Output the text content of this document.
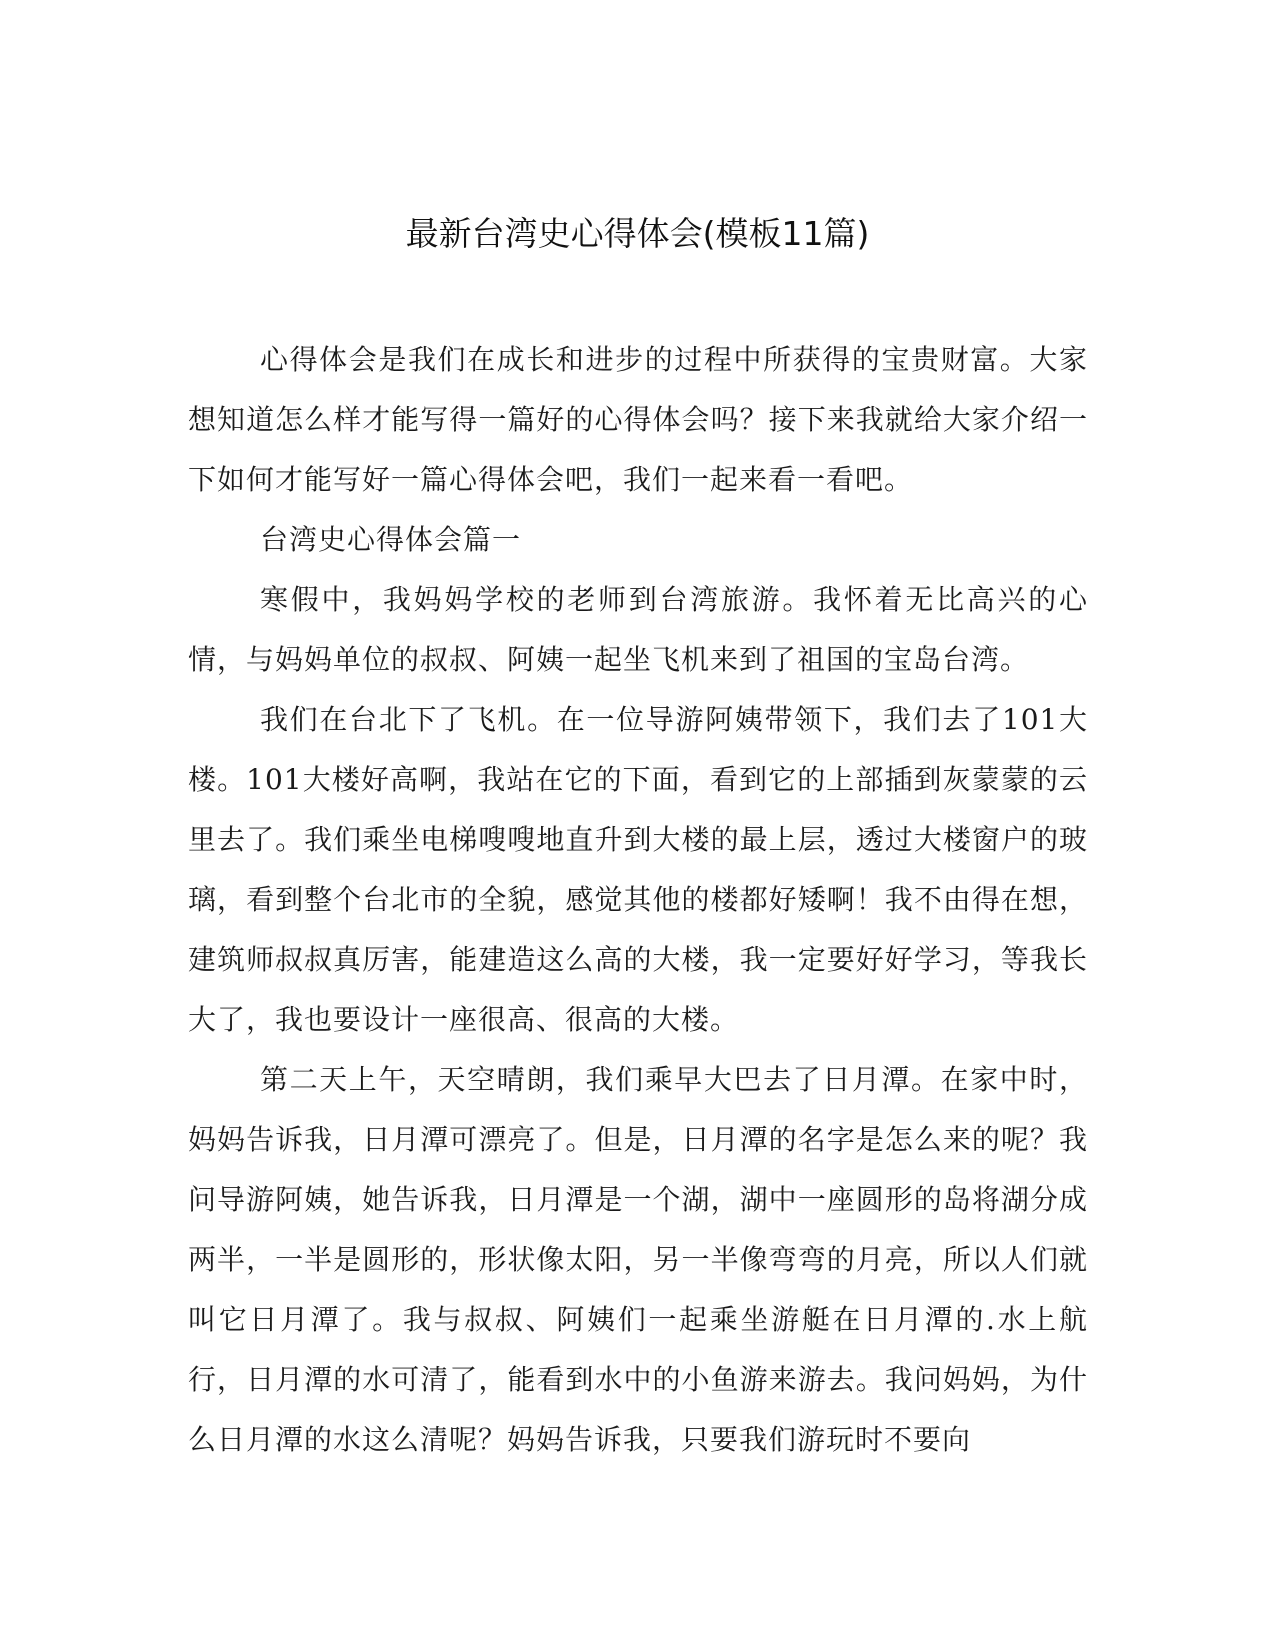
最新台湾史心得体会(模板11篇)

心得体会是我们在成长和进步的过程中所获得的宝贵财富。大家想知道怎么样才能写得一篇好的心得体会吗？接下来我就给大家介绍一下如何才能写好一篇心得体会吧，我们一起来看一看吧。

台湾史心得体会篇一

寒假中，我妈妈学校的老师到台湾旅游。我怀着无比高兴的心情，与妈妈单位的叔叔、阿姨一起坐飞机来到了祖国的宝岛台湾。

我们在台北下了飞机。在一位导游阿姨带领下，我们去了101大楼。101大楼好高啊，我站在它的下面，看到它的上部插到灰蒙蒙的云里去了。我们乘坐电梯嗖嗖地直升到大楼的最上层，透过大楼窗户的玻璃，看到整个台北市的全貌，感觉其他的楼都好矮啊！我不由得在想，建筑师叔叔真厉害，能建造这么高的大楼，我一定要好好学习，等我长大了，我也要设计一座很高、很高的大楼。

第二天上午，天空晴朗，我们乘早大巴去了日月潭。在家中时，妈妈告诉我，日月潭可漂亮了。但是，日月潭的名字是怎么来的呢？我问导游阿姨，她告诉我，日月潭是一个湖，湖中一座圆形的岛将湖分成两半，一半是圆形的，形状像太阳，另一半像弯弯的月亮，所以人们就叫它日月潭了。我与叔叔、阿姨们一起乘坐游艇在日月潭的.水上航行，日月潭的水可清了，能看到水中的小鱼游来游去。我问妈妈，为什么日月潭的水这么清呢？妈妈告诉我，只要我们游玩时不要向
